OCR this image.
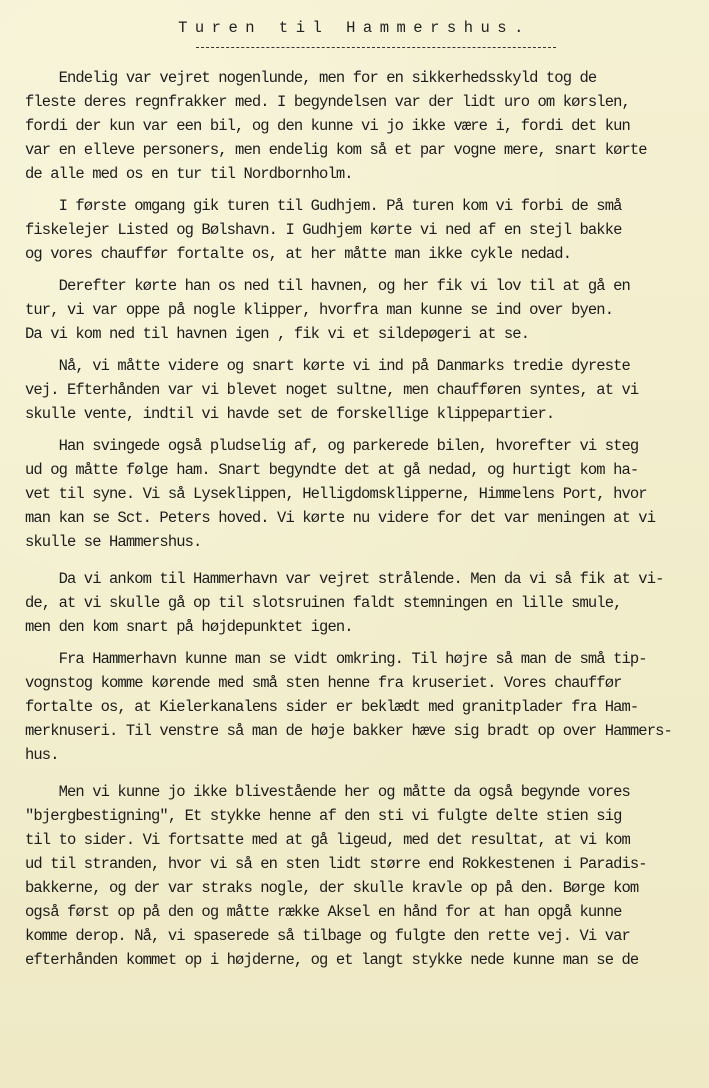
Turen til Hammershus.
Endelig var vejret nogenlunde, men for en sikkerhedsskyld tog de
fleste deres regnfrakker med. I begyndelsen var der lidt uro om kørslen,
fordi der kun var een bil, og den kunne vi jo ikke være i, fordi det kun
var en elleve personers, men endelig kom så et par vogne mere, snart kørte
de alle med os en tur til Nordbornholm.
I første omgang gik turen til Gudhjem. På turen kom vi forbi de små
fiskelejer Listed og Bølshavn. I Gudhjem kørte vi ned af en stejl bakke
og vores chauffør fortalte os, at her måtte man ikke cykle nedad.
Derefter kørte han os ned til havnen, og her fik vi lov til at gå en
tur, vi var oppe på nogle klipper, hvorfra man kunne se ind over byen.
Da vi kom ned til havnen igen , fik vi et sildерøgeri at se.
Nå, vi måtte videre og snart kørte vi ind på Danmarks tredie dyreste
vej. Efterhånden var vi blevet noget sultne, men chaufføren syntes, at vi
skulle vente, indtil vi havde set de forskellige klippepartier.
Han svingede også pludselig af, og parkerede bilen, hvorefter vi steg
ud og måtte følge ham. Snart begyndte det at gå nedad, og hurtigt kom ha-
vet til syne. Vi så Lyseklippen, Helligdomsklipperne, Himmelens Port, hvor
man kan se Sct. Peters hoved. Vi kørte nu videre for det var meningen at vi
skulle se Hammershus.
Da vi ankom til Hammerhavn var vejret strålende. Men da vi så fik at vi-
de, at vi skulle gå op til slotsruinen faldt stemningen en lille smule,
men den kom snart på højdepunktet igen.
Fra Hammerhavn kunne man se vidt omkring. Til højre så man de små tip-
vognstog komme kørende med små sten henne fra kruseriet. Vores chauffør
fortalte os, at Kielerkanalens sider er beklædt med granitplader fra Ham-
merknuseri. Til venstre så man de høje bakker hæve sig bradt op over Hammers-
hus.
Men vi kunne jo ikke blivestående her og måtte da også begynde vores
"bjergbestigning", Et stykke henne af den sti vi fulgte delte stien sig
til to sider. Vi fortsatte med at gå ligeud, med det resultat, at vi kom
ud til stranden, hvor vi så en sten lidt større end Rokkestenen i Paradis-
bakkerne, og der var straks nogle, der skulle kravle op på den. Børge kom
også først op på den og måtte række Aksel en hånd for at han opgå kunne
komme derop. Nå, vi spaserede så tilbage og fulgte den rette vej. Vi var
efterhånden kommet op i højderne, og et langt stykke nede kunne man se de
